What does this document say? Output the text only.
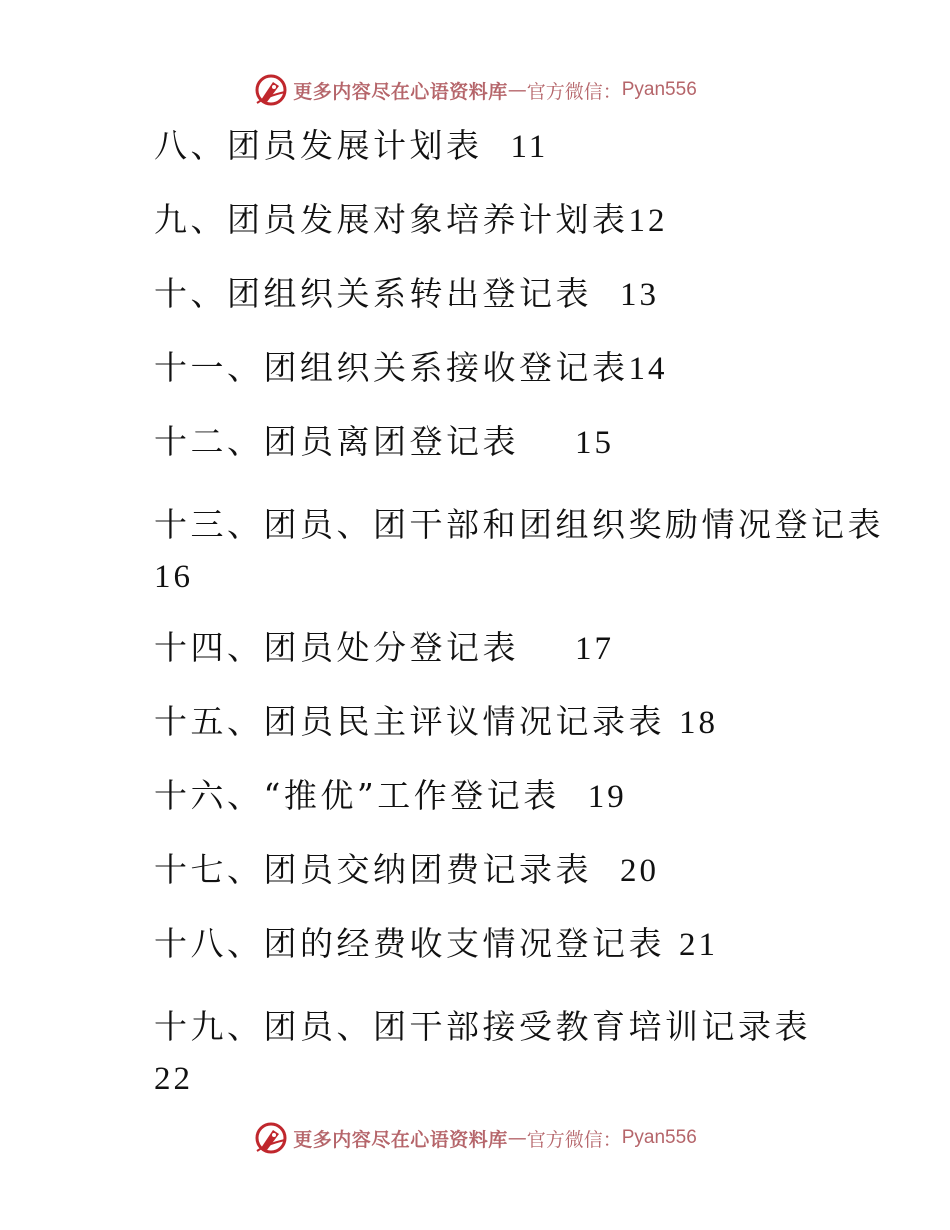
更多内容尽在心语资料库 — 官方微信： Pyan556
八、团员发展计划表 11
九、团员发展对象培养计划表12
十、团组织关系转出登记表 13
十一、团组织关系接收登记表14
十二、团员离团登记表 15
十三、团员、团干部和团组织奖励情况登记表
16
十四、团员处分登记表 17
十五、团员民主评议情况记录表 18
十六、“推优”工作登记表 19
十七、团员交纳团费记录表 20
十八、团的经费收支情况登记表 21
十九、团员、团干部接受教育培训记录表
22
更多内容尽在心语资料库 — 官方微信： Pyan556
